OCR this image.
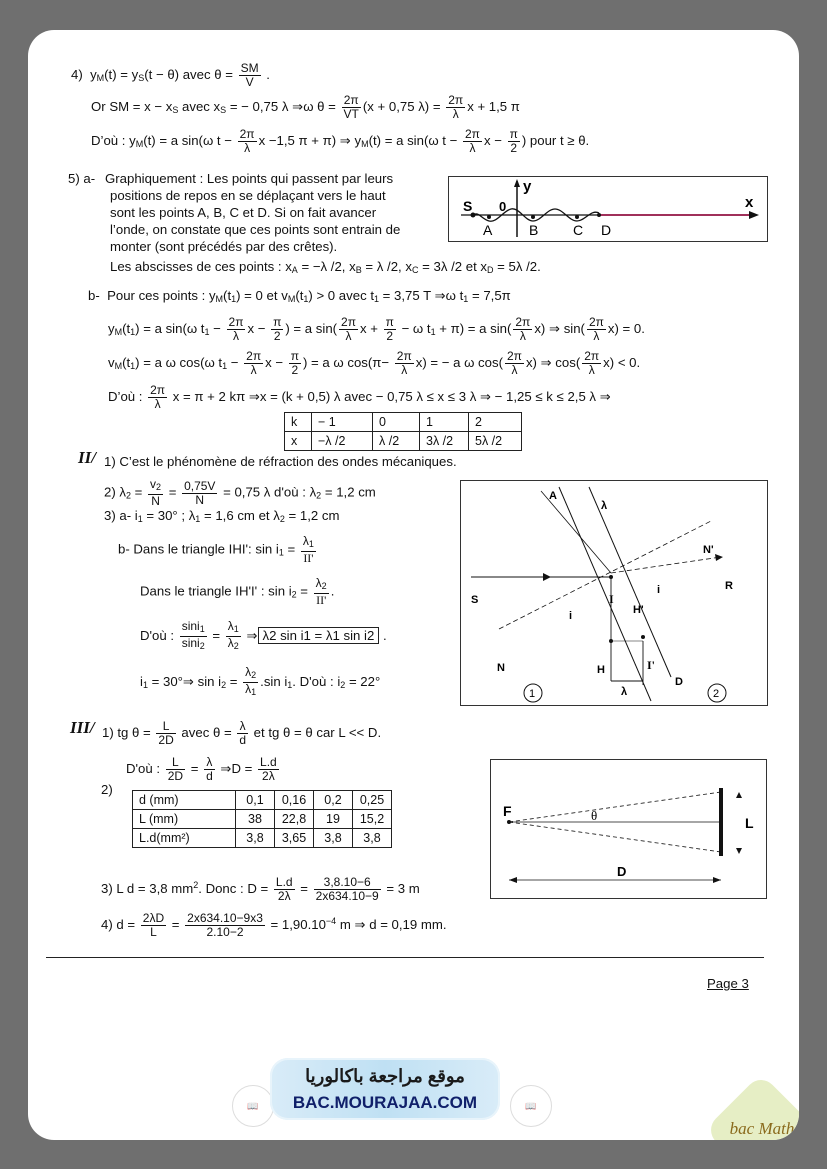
4) $y_M(t) = y_S(t - \theta)$ avec $\theta = \frac{SM}{V}$ .
Or SM = $x - x_S$ avec $x_S$ = − 0,75 λ ⇒ω $\theta = \frac{2\pi}{VT} (x + 0,75$ $\lambda) = \frac{2\pi}{\lambda}$ x + 1,5 π
D’où : $y_M(t) = a$ sin(ω $t - \frac{2\pi}{\lambda}$ x −1,5 π + π) ⇒ $y_M(t) = a$ sin(ω $t - \frac{2\pi}{\lambda}$ $x - \frac{\pi}{2}$ ) pour t ≥ θ.
5) a- Graphiquement : Les points qui passent par leurs
positions de repos en se déplaçant vers le haut
sont les points A, B, C et D. Si on fait avancer
l’onde, on constate que ces points sont entrain de
monter (sont précédés par des crêtes).
Les abscisses de ces points : $x_A = -\lambda$ /2, $x_B = \lambda$ /2, $x_C = 3\lambda$ /2 et $x_D = 5\lambda$ /2.
y
x
S 0
A	B C D
b- Pour ces points : $y_M(t_1) = 0$ et $v_M(t_1) > 0$ avec $t_1 = 3,75$ T ⇒ω $t_1 = 7,5\pi$
$y_M(t_1) = a$ sin(ω $t_1 - \frac{2\pi}{\lambda}$ $x - \frac{\pi}{2}$ ) = a $\sin( \frac{2\pi}{\lambda}$ $x + \frac{\pi}{2} - \omega$ $t_1 + \pi) = a$ $\sin( \frac{2\pi}{\lambda} x)$ ⇒ $\sin( \frac{2\pi}{\lambda} x) = 0$.
$v_M(t_1) = a$ ω cos(ω $t_1 - \frac{2\pi}{\lambda}$ $x - \frac{\pi}{2}$ ) = a ω $\cos(\pi- \frac{2\pi}{\lambda} x)$ = − a ω $\cos( \frac{2\pi}{\lambda} x)$ ⇒ $\cos( \frac{2\pi}{\lambda} x) < 0$.
D’où : $\frac{2\pi}{\lambda}$ x = π + 2 kπ ⇒x = (k + 0,5) λ avec − 0,75 λ ≤ x ≤ 3 λ ⇒ − 1,25 ≤ k ≤ 2,5 λ ⇒
k	− 1	0	1	2
x	−λ /2	λ /2	3λ /2	5λ /2
II/ 1) C’est le phénomène de réfraction des ondes mécaniques.
2) $\lambda_2 = \frac{v_2}{N} = \frac{0,75V}{N} = 0,75$ λ d'où : $\lambda_2 = 1,2$ cm
3) a- $i_1 = 30^\circ$ ; $\lambda_1 = 1,6$ cm et $\lambda_2 = 1,2$ cm
b- Dans le triangle IHI': $\sin i_1 = \frac{\lambda_1}{II'}$
Dans le triangle IH'I' : $\sin i_2 = \frac{\lambda_2}{II'}$ .
D'où : $\frac{\sin i_1}{\sin i_2} = \frac{\lambda_1}{\lambda_2}$ ⇒ λ2 sin i1 = λ1 sin i2 .
$i_1$ = 30°⇒ $\sin i_2 = \frac{\lambda_2}{\lambda_1} .\sin$ $i_1$. D'où : $i_2 = 22^\circ$
A
λ
N'
i	R
S	I
H'
i
N	H	I'
1	2
λ
D
III/ 1) tg $\theta = \frac{L}{2D}$ avec $\theta = \frac{\lambda}{d}$ et tg θ = θ car L << D.
D'où : $\frac{L}{2D} = \frac{\lambda}{d}$ ⇒D = $\frac{L.d}{2\lambda}$
2)
d (mm)	0,1	0,16	0,2	0,25
L (mm)	38	22,8	19	15,2
L.d(mm²)	3,8	3,65	3,8	3,8
3) L d = 3,8 $mm^2$. Donc : $D = \frac{L.d}{2\lambda} = \frac{3,8.10-6}{2x634.10-9} = 3$ m
4) $d = \frac{2\lambda D}{L} = \frac{2x634.10-9x3}{2.10-2} = 1,90.10^{-4}$ m ⇒ d = 0,19 mm.
F	θ	L
D
Page 3
bac Math
📖
موقع مراجعة باكالوريا
BAC.MOURAJAA.COM	📖
